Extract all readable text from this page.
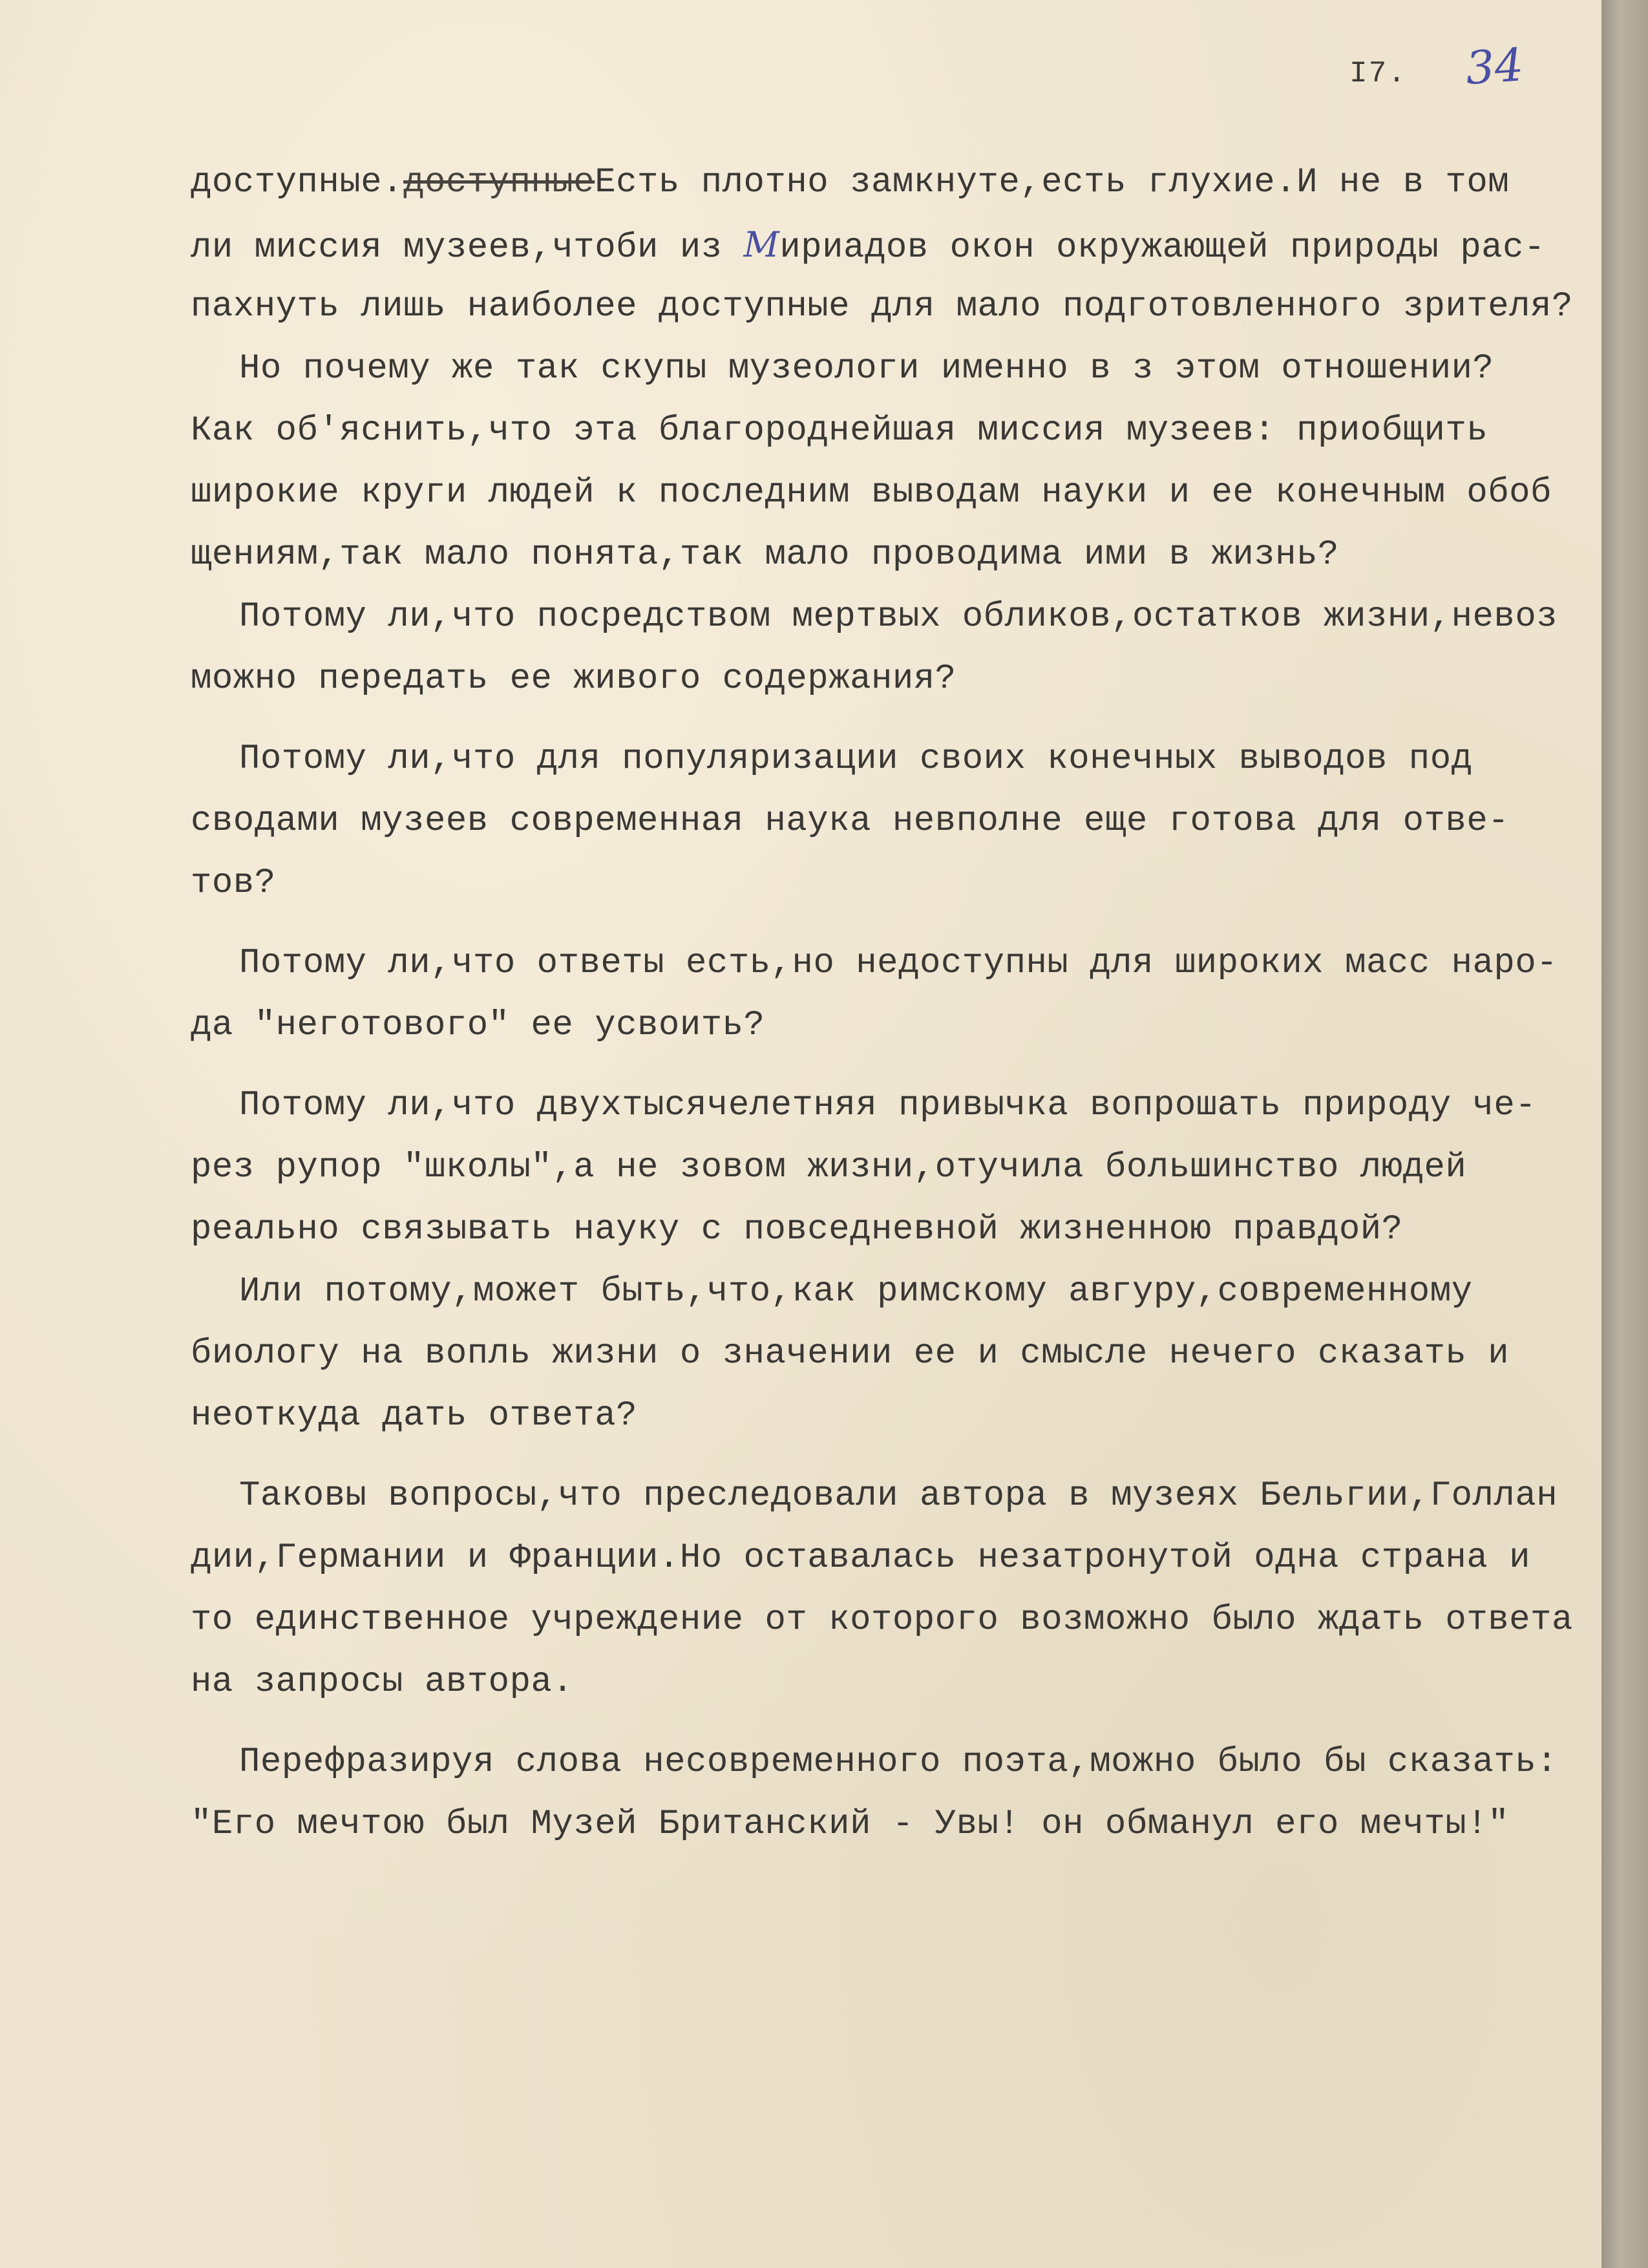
I7. 34
доступные.доступныеЕсть плотно замкнуте,есть глухие.И не в том
ли миссия музеев,чтоби из Мириадов окон окружающей природы рас-
пахнуть лишь наиболее доступные для мало подготовленного зрителя?
Но почему же так скупы музеологи именно в з этом отношении?
Как об'яснить,что эта благороднейшая миссия музеев: приобщить
широкие круги людей к последним выводам науки и ее конечным обоб
щениям,так мало понята,так мало проводима ими в жизнь?
Потому ли,что посредством мертвых обликов,остатков жизни,невоз
можно передать ее живого содержания?
Потому ли,что для популяризации своих конечных выводов под
сводами музеев современная наука невполне еще готова для отве-
тов?
Потому ли,что ответы есть,но недоступны для широких масс наро-
да "неготового" ее усвоить?
Потому ли,что двухтысячелетняя привычка вопрошать природу че-
рез рупор "школы",а не зовом жизни,отучила большинство людей
реально связывать науку с повседневной жизненною правдой?
Или потому,может быть,что,как римскому авгуру,современному
биологу на вопль жизни о значении ее и смысле нечего сказать и
неоткуда дать ответа?
Таковы вопросы,что преследовали автора в музеях Бельгии,Голлан
дии,Германии и Франции.Но оставалась незатронутой одна страна и
то единственное учреждение от которого возможно было ждать ответа
на запросы автора.
Перефразируя слова несовременного поэта,можно было бы сказать:
"Его мечтою был Музей Британский - Увы! он обманул его мечты!"
